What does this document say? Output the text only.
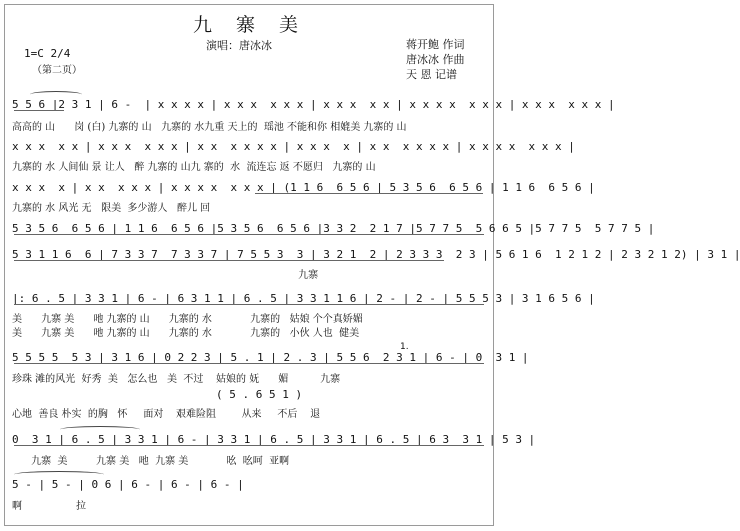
九 寨 美
演唱：唐冰冰
1=C 2/4
（第二页）
蒋开鲍 作词
唐冰冰 作曲
天 恩 记谱
5 5 6 |2 3 1 | 6 -  | x x x x | x x x  x x x | x x x  x x | x x x x  x x x | x x x  x x x |
高高的 山      岗 (白) 九寨的 山   九寨的 水九重 天上的  瑶池 不能和你 相媲美 九寨的 山
x x x  x x | x x x  x x x | x x  x x x x | x x x  x | x x  x x x x | x x x x  x x x |
九寨的 水 人间仙 景 让人   醉 九寨的 山九 寨的  水  流连忘 返 不愿归   九寨的 山
x x x  x | x x  x x x | x x x x  x x x | (1 1 6  6 5 6 | 5 3 5 6  6 5 6 | 1 1 6  6 5 6 |
九寨的 水 风光 无   限美  多少游人   醉儿 回
5 3 5 6  6 5 6 | 1 1 6  6 5 6 |5 3 5 6  6 5 6 |3 3 2  2 1 7 |5 7 7 5  5 6 6 5 |5 7 7 5  5 7 7 5 |
5 3 1 1 6  6 | 7 3 3 7  7 3 3 7 | 7 5 5 3  3 | 3 2 1  2 | 2 3 3 3  2 3 | 5 6 1 6  1 2 1 2 | 2 3 2 1 2) | 3 1 |
九寨
|: 6 . 5 | 3 3 1 | 6 - | 6 3 1 1 | 6 . 5 | 3 3 1 1 6 | 2 - | 2 - | 5 5 5 3 | 3 1 6 5 6 |
美      九寨 美      吔 九寨的 山      九寨的 水            九寨的   姑娘 个个真娇媚
美      九寨 美      吔 九寨的 山      九寨的 水            九寨的   小伙 人也  健美
5 5 5 5  5 3 | 3 1 6 | 0 2 2 3 | 5 . 1 | 2 . 3 | 5 5 6  2 3 1 | 6 - | 0  3 1 |
珍珠 滩的风光  好秀  美   怎么也   美  不过    姑娘的 妩      媚          九寨
1.
( 5 . 6 5 1 )
心地  善良 朴实  的胸   怀     面对    艰难险阻        从来     不后    退
0  3 1 | 6 . 5 | 3 3 1 | 6 - | 3 3 1 | 6 . 5 | 3 3 1 | 6 . 5 | 6 3  3 1 | 5 3 |
九寨  美         九寨 美   吔  九寨 美            吆  吆呵  亚啊
5 - | 5 - | 0 6 | 6 - | 6 - | 6 - |
啊                 拉
